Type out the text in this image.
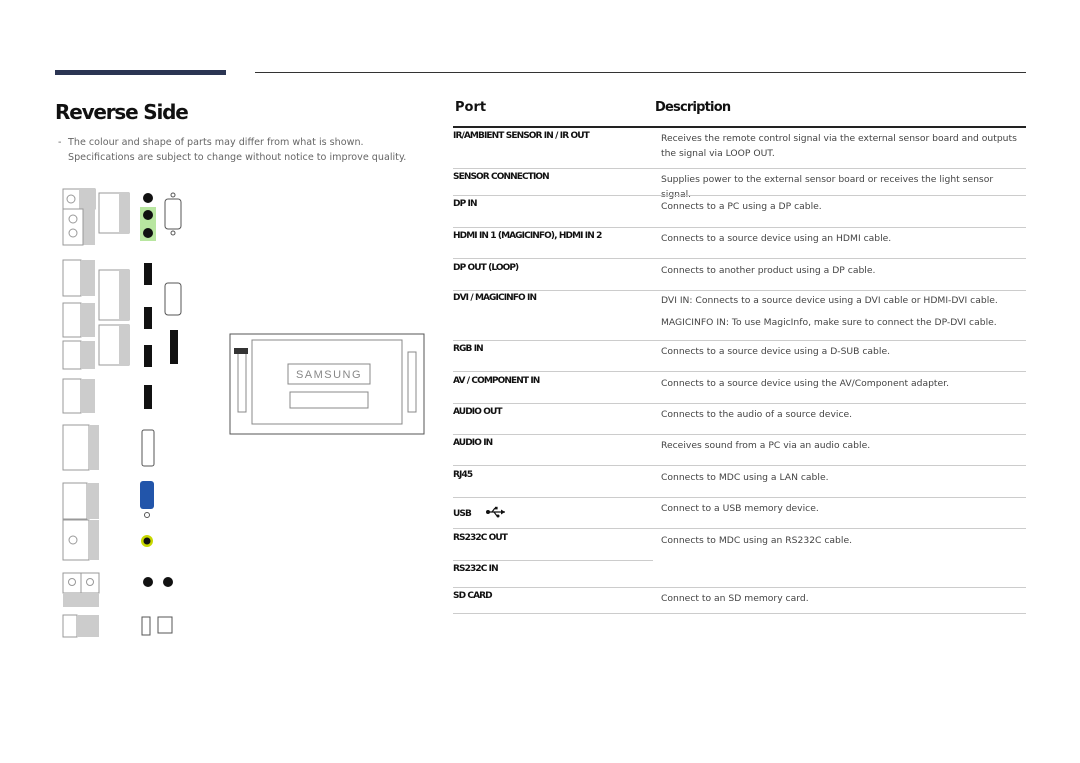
Reverse Side
- The colour and shape of parts may differ from what is shown. Specifications are subject to change without notice to improve quality.
SAMSUNG
Port	Description
IR/AMBIENT SENSOR IN / IR OUT	Receives the remote control signal via the external sensor board and outputs the signal via LOOP OUT.
SENSOR CONNECTION	Supplies power to the external sensor board or receives the light sensor
DP IN	Connects to a PC using a DP cable.
HDMI IN 1 (MAGICINFO), HDMI IN 2	Connects to a source device using an HDMI cable.
DP OUT (LOOP)	Connects to another product using a DP cable.
DVI / MAGICINFO IN	DVI IN: Connects to a source device using a DVI cable or HDMI-DVI cable.
MAGICINFO IN: To use MagicInfo, make sure to connect the DP-DVI cable.
RGB IN	Connects to a source device using a D-SUB cable.
AV / COMPONENT IN	Connects to a source device using the AV/Component adapter.
AUDIO OUT	Connects to the audio of a source device.
AUDIO IN	Receives sound from a PC via an audio cable.
RJ45	Connects to MDC using a LAN cable.
USB	Connect to a USB memory device.
RS232C OUT	Connects to MDC using an RS232C cable.
RS232C IN
SD CARD	Connect to an SD memory card.
